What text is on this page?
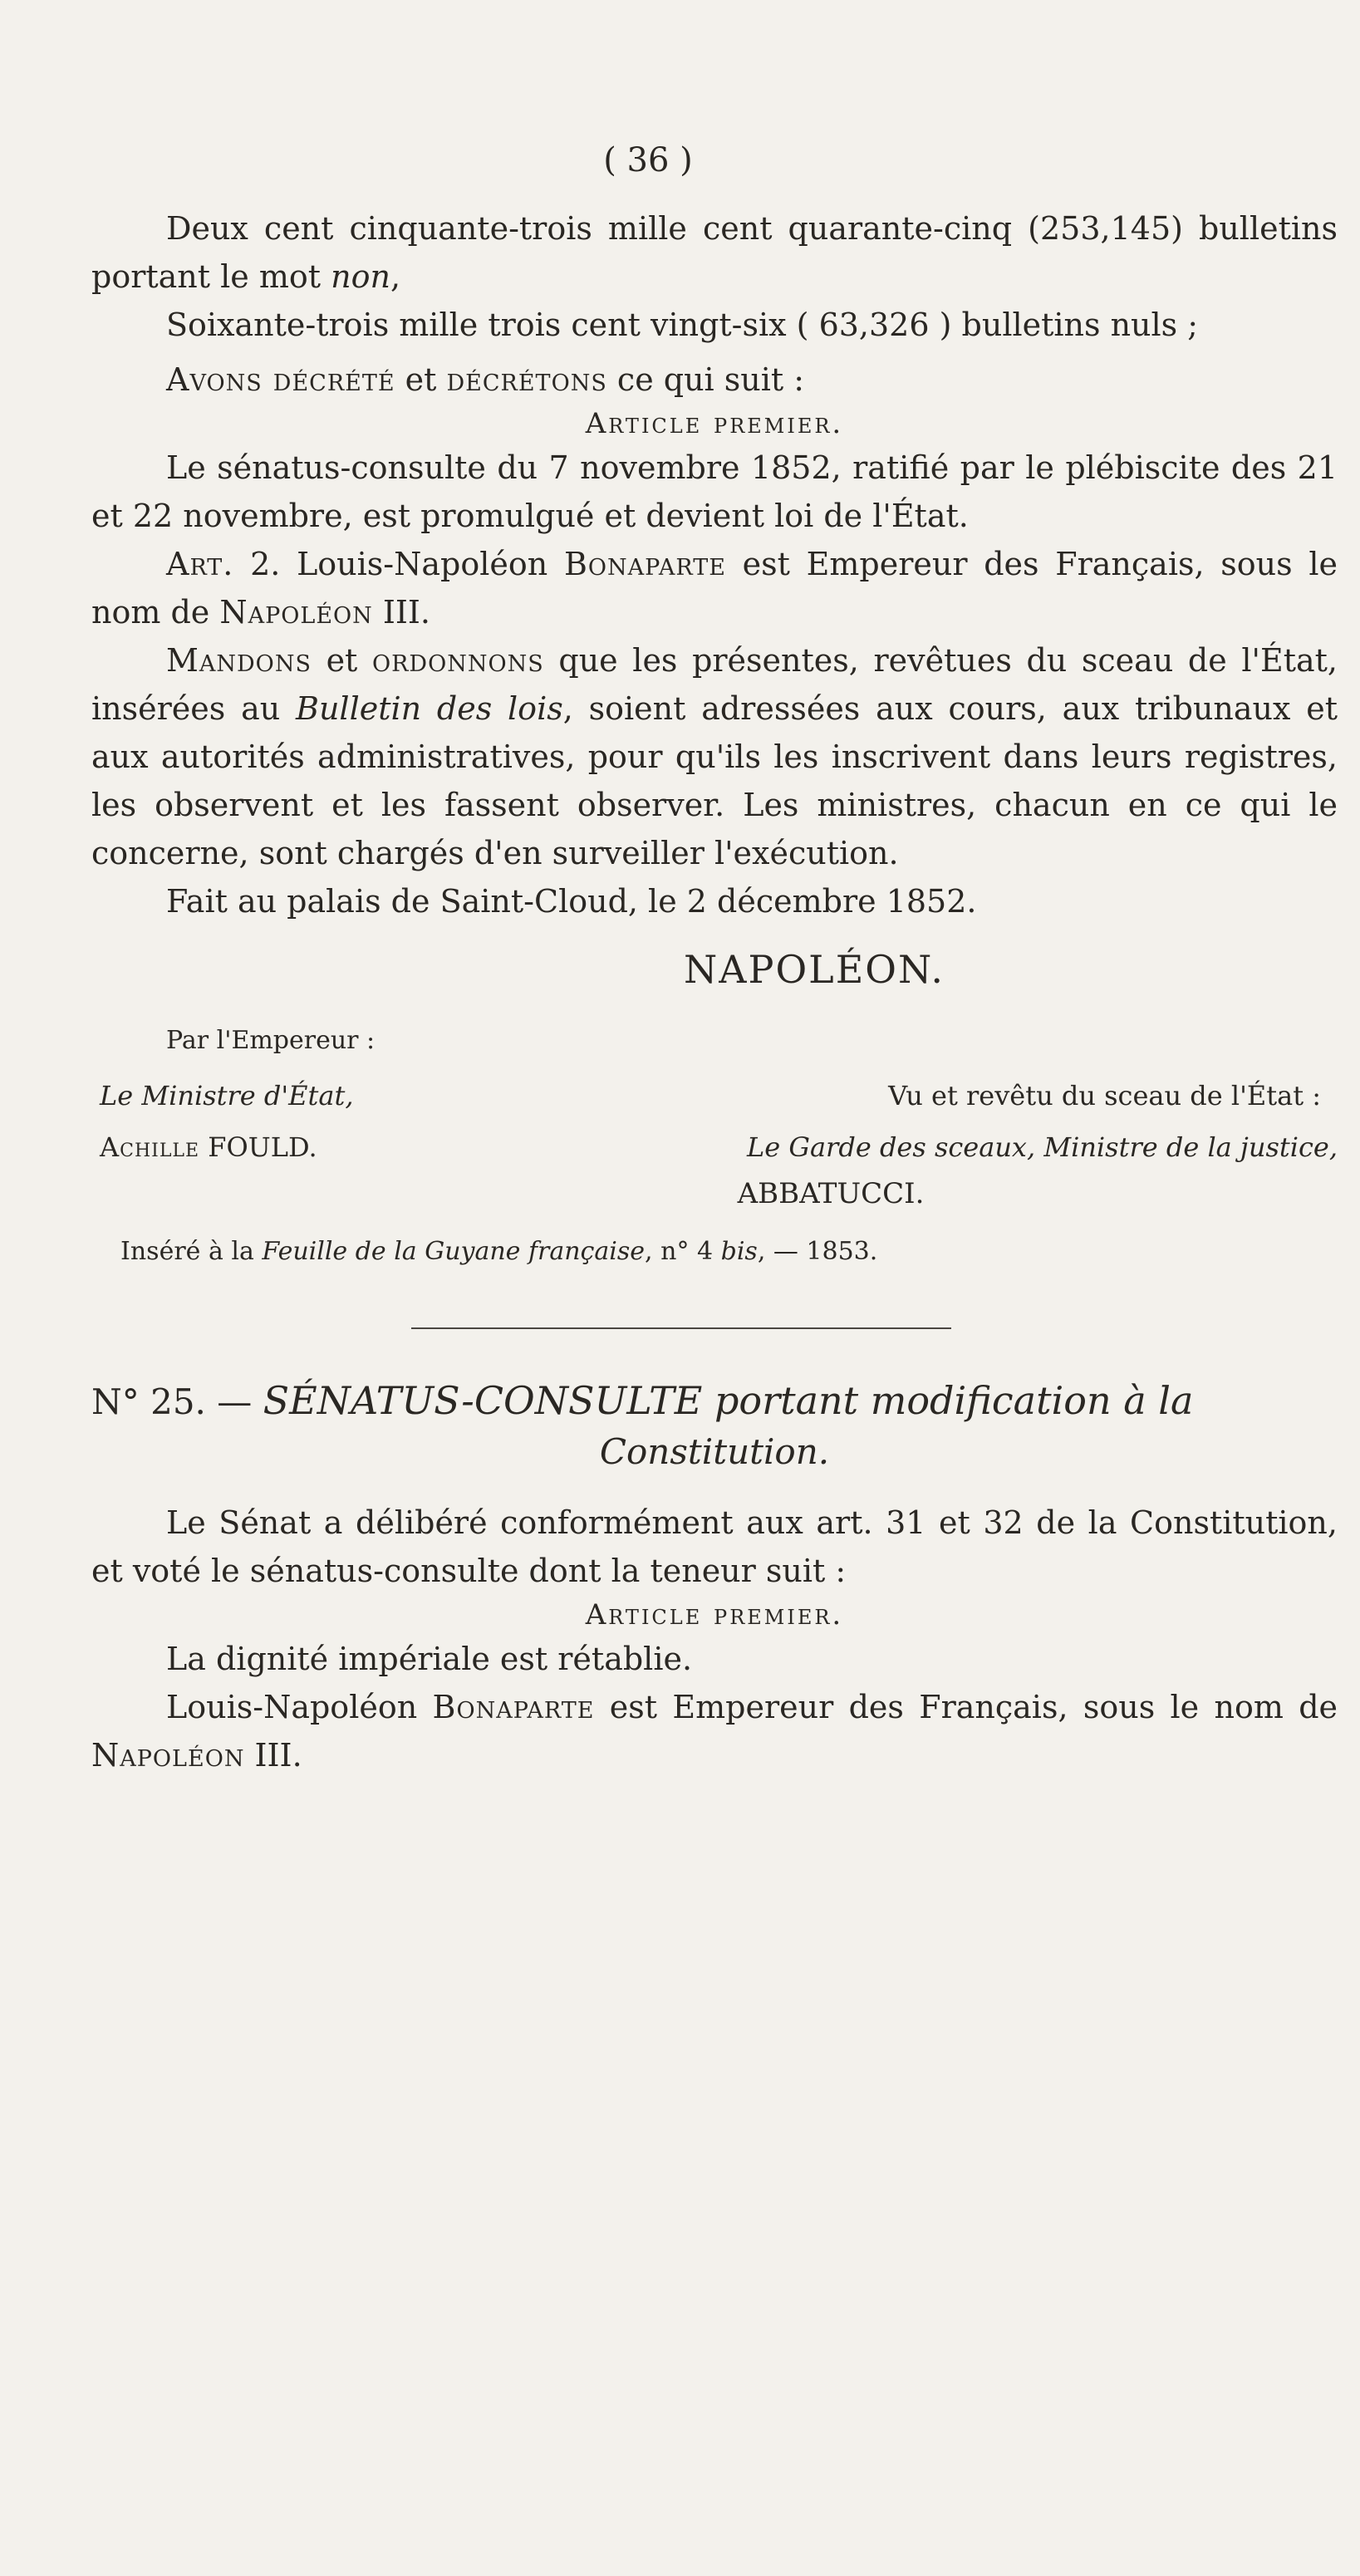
( 36 )

Deux cent cinquante-trois mille cent quarante-cinq (253,145) bulletins portant le mot non,

Soixante-trois mille trois cent vingt-six ( 63,326 ) bulletins nuls ;

Avons décrété et décrétons ce qui suit :

Article premier.

Le sénatus-consulte du 7 novembre 1852, ratifié par le plébiscite des 21 et 22 novembre, est promulgué et devient loi de l'État.

Art. 2. Louis-Napoléon Bonaparte est Empereur des Français, sous le nom de Napoléon III.

Mandons et ordonnons que les présentes, revêtues du sceau de l'État, insérées au Bulletin des lois, soient adressées aux cours, aux tribunaux et aux autorités administratives, pour qu'ils les inscrivent dans leurs registres, les observent et les fassent observer. Les ministres, chacun en ce qui le concerne, sont chargés d'en surveiller l'exécution.

Fait au palais de Saint-Cloud, le 2 décembre 1852.

NAPOLÉON.
Par l'Empereur :
Le Ministre d'État,	Vu et revêtu du sceau de l'État :
Achille FOULD.	Le Garde des sceaux, Ministre de la justice,
ABBATUCCI.
Inséré à la Feuille de la Guyane française, n° 4 bis, — 1853.
N° 25. — SÉNATUS-CONSULTE portant modification à la
Constitution.

Le Sénat a délibéré conformément aux art. 31 et 32 de la Constitution, et voté le sénatus-consulte dont la teneur suit :

Article premier.

La dignité impériale est rétablie.

Louis-Napoléon Bonaparte est Empereur des Français, sous le nom de Napoléon III.
